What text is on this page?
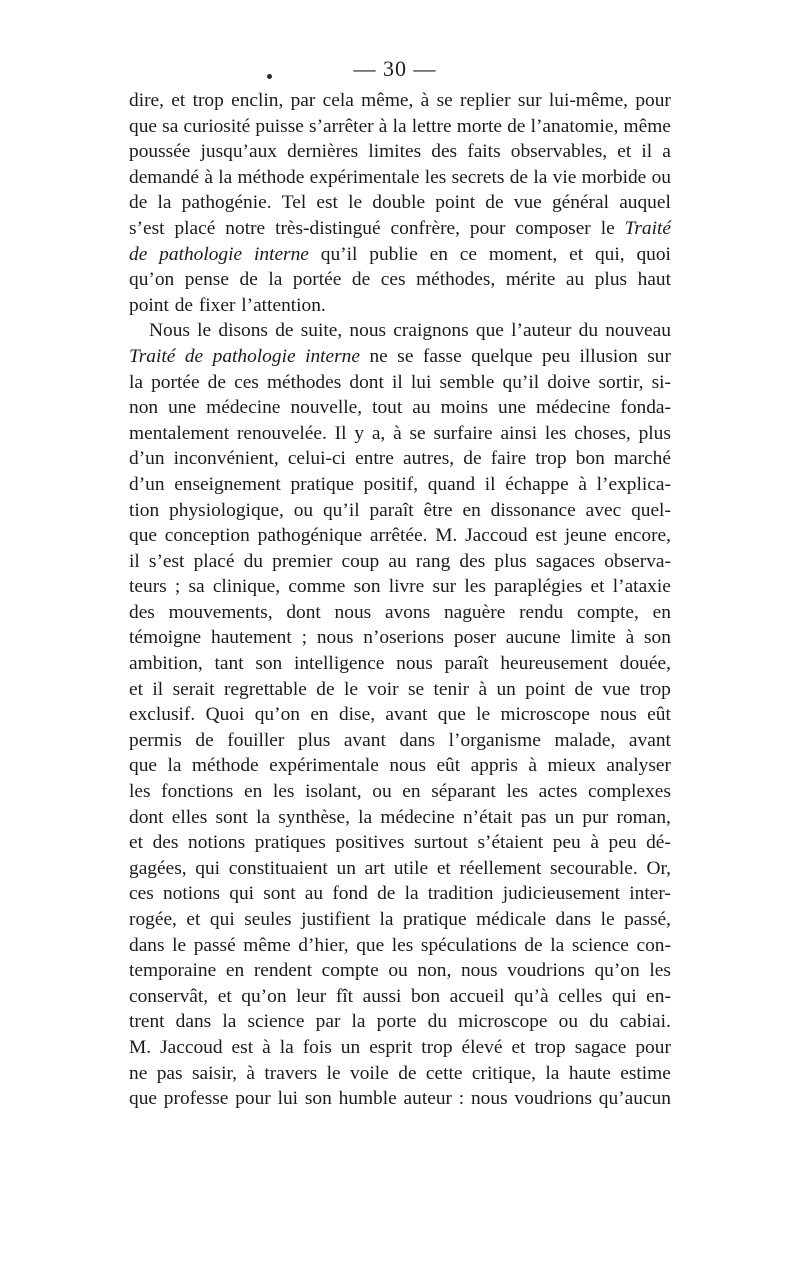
— 30 —
dire, et trop enclin, par cela même, à se replier sur lui-même, pour
que sa curiosité puisse s’arrêter à la lettre morte de l’anatomie, même
poussée jusqu’aux dernières limites des faits observables, et il a
demandé à la méthode expérimentale les secrets de la vie morbide ou
de la pathogénie. Tel est le double point de vue général auquel
s’est placé notre très-distingué confrère, pour composer le Traité
de pathologie interne qu’il publie en ce moment, et qui, quoi
qu’on pense de la portée de ces méthodes, mérite au plus haut
point de fixer l’attention.
Nous le disons de suite, nous craignons que l’auteur du nouveau
Traité de pathologie interne ne se fasse quelque peu illusion sur
la portée de ces méthodes dont il lui semble qu’il doive sortir, si-
non une médecine nouvelle, tout au moins une médecine fonda-
mentalement renouvelée. Il y a, à se surfaire ainsi les choses, plus
d’un inconvénient, celui-ci entre autres, de faire trop bon marché
d’un enseignement pratique positif, quand il échappe à l’explica-
tion physiologique, ou qu’il paraît être en dissonance avec quel-
que conception pathogénique arrêtée. M. Jaccoud est jeune encore,
il s’est placé du premier coup au rang des plus sagaces observa-
teurs ; sa clinique, comme son livre sur les paraplégies et l’ataxie
des mouvements, dont nous avons naguère rendu compte, en
témoigne hautement ; nous n’oserions poser aucune limite à son
ambition, tant son intelligence nous paraît heureusement douée,
et il serait regrettable de le voir se tenir à un point de vue trop
exclusif. Quoi qu’on en dise, avant que le microscope nous eût
permis de fouiller plus avant dans l’organisme malade, avant
que la méthode expérimentale nous eût appris à mieux analyser
les fonctions en les isolant, ou en séparant les actes complexes
dont elles sont la synthèse, la médecine n’était pas un pur roman,
et des notions pratiques positives surtout s’étaient peu à peu dé-
gagées, qui constituaient un art utile et réellement secourable. Or,
ces notions qui sont au fond de la tradition judicieusement inter-
rogée, et qui seules justifient la pratique médicale dans le passé,
dans le passé même d’hier, que les spéculations de la science con-
temporaine en rendent compte ou non, nous voudrions qu’on les
conservât, et qu’on leur fît aussi bon accueil qu’à celles qui en-
trent dans la science par la porte du microscope ou du cabiai.
M. Jaccoud est à la fois un esprit trop élevé et trop sagace pour
ne pas saisir, à travers le voile de cette critique, la haute estime
que professe pour lui son humble auteur : nous voudrions qu’aucun
